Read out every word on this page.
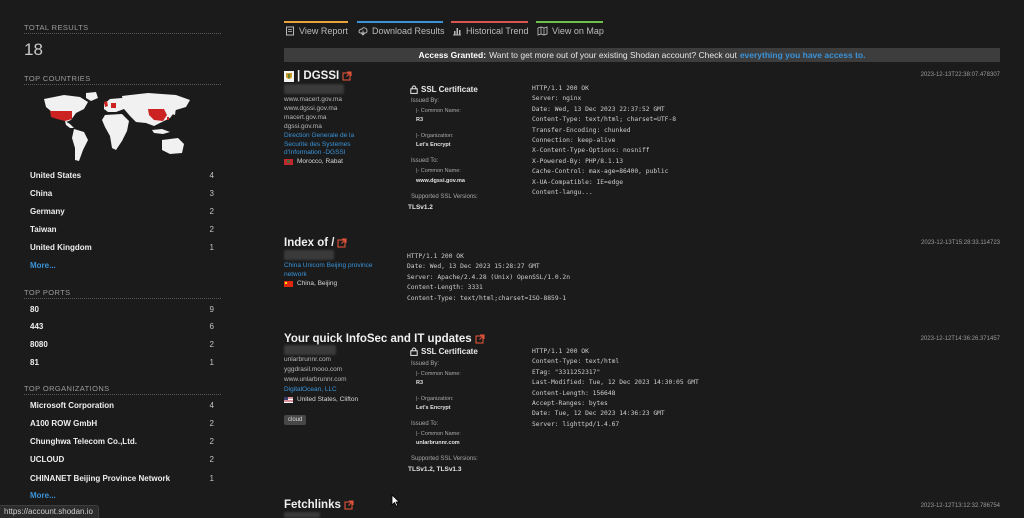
TOTAL RESULTS
18
TOP COUNTRIES
United States	4
China	3
Germany	2
Taiwan	2
United Kingdom	1
More...
TOP PORTS
80	9
443	6
8080	2
81	1
TOP ORGANIZATIONS
Microsoft Corporation	4
A100 ROW GmbH	2
Chunghwa Telecom Co.,Ltd.	2
UCLOUD	2
CHINANET Beijing Province Network	1
More...
https://account.shodan.io
View Report	Download Results Historical Trend	View on Map
Access Granted: Want to get more out of your existing Shodan account? Check out everything you have access to.
| DGSSI	2023-12-13T22:38:07.478307
www.macert.gov.ma
www.dgssi.gov.ma
macert.gov.ma
dgssi.gov.ma
Direction Generale de la Securite des Systemes d'Information -DGSSI
Morocco, Rabat
SSL Certificate
Issued By:
|- Common Name:
R3
|- Organization:
Let's Encrypt
Issued To:
|- Common Name:
www.dgssi.gov.ma
Supported SSL Versions:
TLSv1.2
HTTP/1.1 200 OK
Server: nginx
Date: Wed, 13 Dec 2023 22:37:52 GMT
Content-Type: text/html; charset=UTF-8
Transfer-Encoding: chunked
Connection: keep-alive
X-Content-Type-Options: nosniff
X-Powered-By: PHP/8.1.13
Cache-Control: max-age=86400, public
X-UA-Compatible: IE=edge
Content-langu...
Index of /	2023-12-13T15:28:33.114723
China Unicom Beijing province network
China, Beijing
HTTP/1.1 200 OK
Date: Wed, 13 Dec 2023 15:28:27 GMT
Server: Apache/2.4.28 (Unix) OpenSSL/1.0.2n
Content-Length: 3331
Content-Type: text/html;charset=ISO-8859-1
Your quick InfoSec and IT updates	2023-12-12T14:36:26.371457
unlarbrunnr.com
yggdrasil.mooo.com
www.unlarbrunnr.com
DigitalOcean, LLC
United States, Clifton
cloud
SSL Certificate
Issued By:
|- Common Name:
R3
|- Organization:
Let's Encrypt
Issued To:
|- Common Name:
unlarbrunnr.com
Supported SSL Versions:
TLSv1.2, TLSv1.3
HTTP/1.1 200 OK
Content-Type: text/html
ETag: "3311252317"
Last-Modified: Tue, 12 Dec 2023 14:30:05 GMT
Content-Length: 156648
Accept-Ranges: bytes
Date: Tue, 12 Dec 2023 14:36:23 GMT
Server: lighttpd/1.4.67
Fetchlinks	2023-12-12T13:12:32.786754
